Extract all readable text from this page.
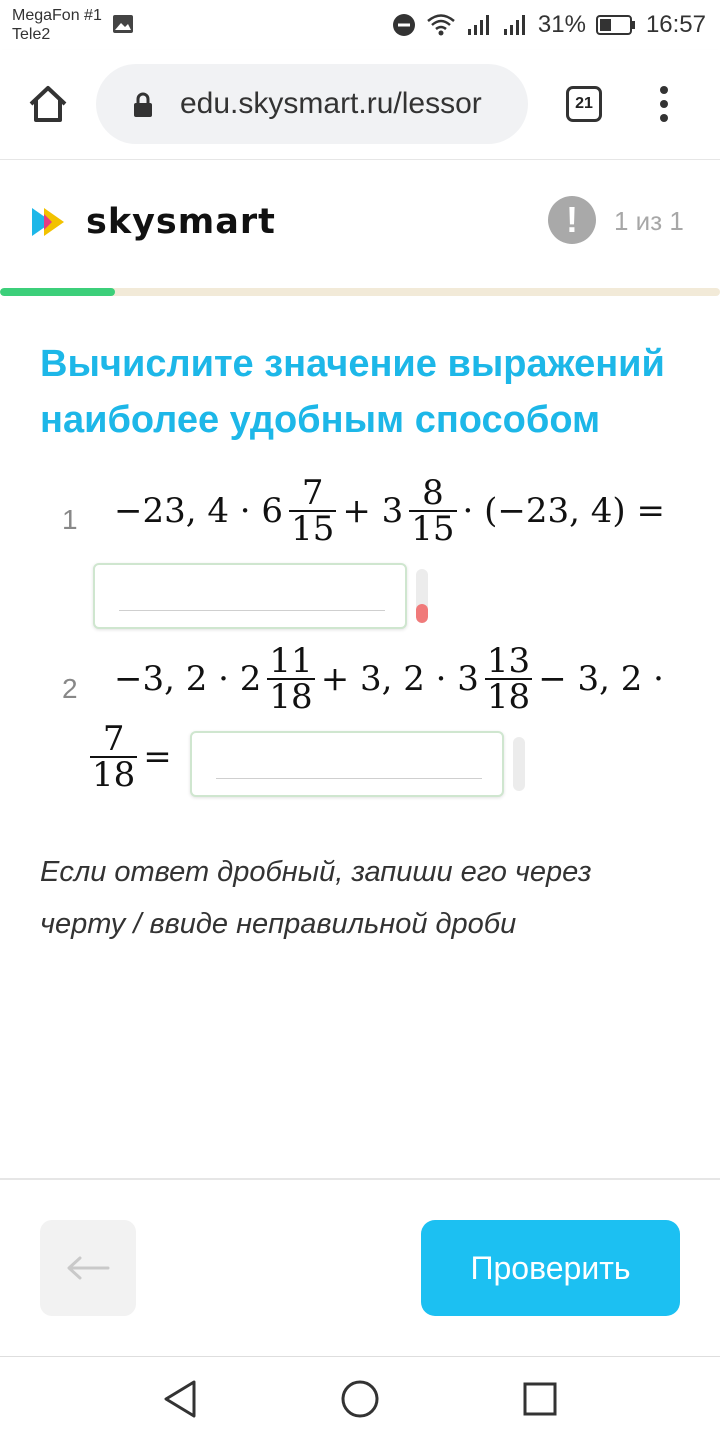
MegaFon #1
Tele2	31%	16:57
edu.skysmart.ru/lessor	21
skysmart	!	1 из 1
Вычислите значение выражений наиболее удобным способом
1 −23, $4 \cdot 6 \frac{7}{15} + 3 \frac{8}{15} \cdot (-23$, 4) =
2 −3, $2 \cdot 2 \frac{11}{18} + 3$, $2 \cdot 3 \frac{13}{18} - 3$, 2 ·
$\frac{7}{18}$ =
Если ответ дробный, запиши его через черту / ввиде неправильной дроби
Проверить
